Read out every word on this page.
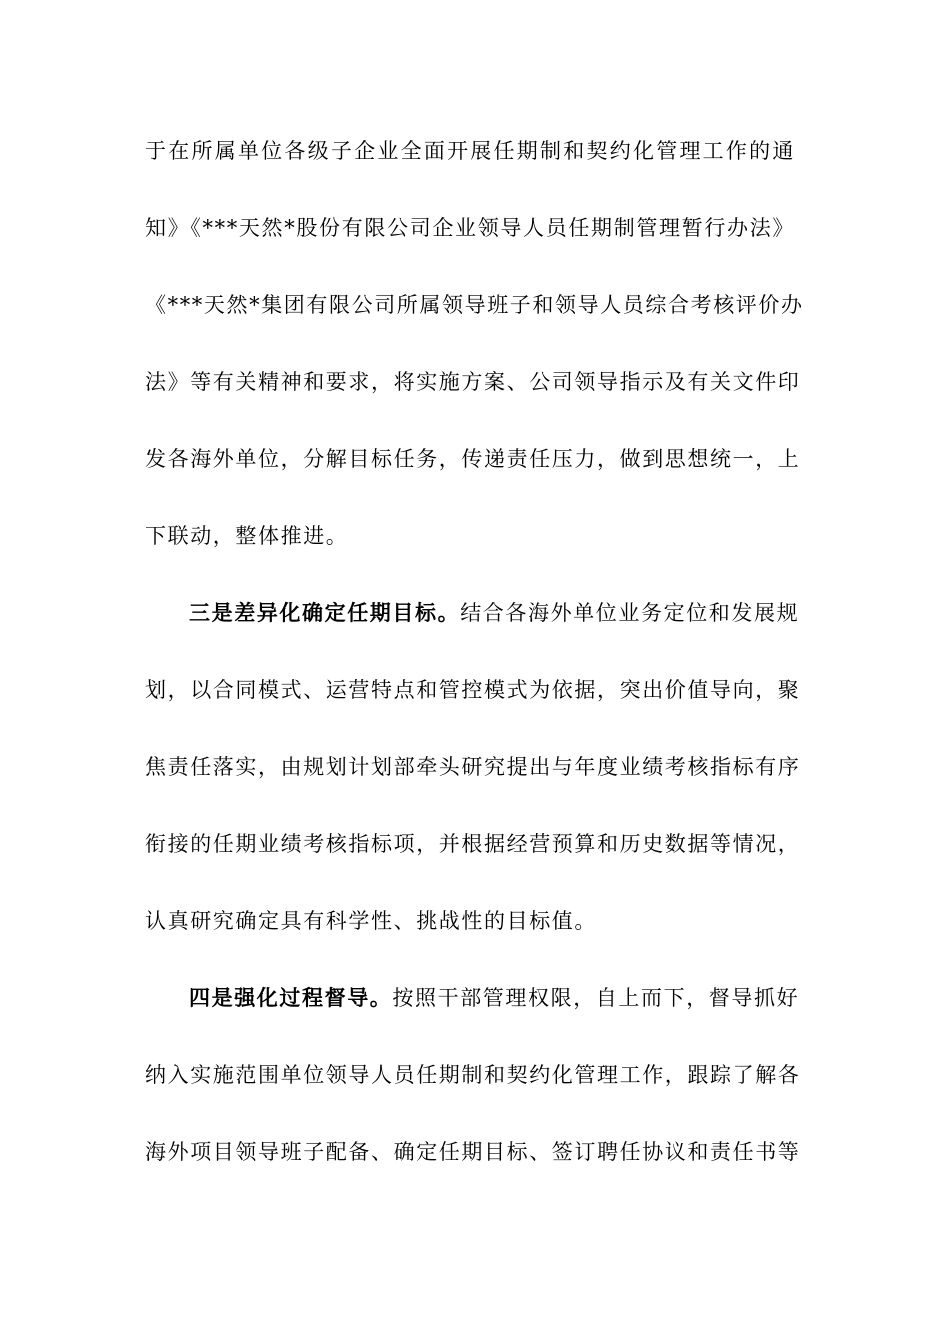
于在所属单位各级子企业全面开展任期制和契约化管理工作的通
知》《***天然*股份有限公司企业领导人员任期制管理暂行办法》
《***天然*集团有限公司所属领导班子和领导人员综合考核评价办
法》等有关精神和要求，将实施方案、公司领导指示及有关文件印
发各海外单位，分解目标任务，传递责任压力，做到思想统一，上
下联动，整体推进。
三是差异化确定任期目标。结合各海外单位业务定位和发展规
划，以合同模式、运营特点和管控模式为依据，突出价值导向，聚
焦责任落实，由规划计划部牵头研究提出与年度业绩考核指标有序
衔接的任期业绩考核指标项，并根据经营预算和历史数据等情况，
认真研究确定具有科学性、挑战性的目标值。
四是强化过程督导。按照干部管理权限，自上而下，督导抓好
纳入实施范围单位领导人员任期制和契约化管理工作，跟踪了解各
海外项目领导班子配备、确定任期目标、签订聘任协议和责任书等
